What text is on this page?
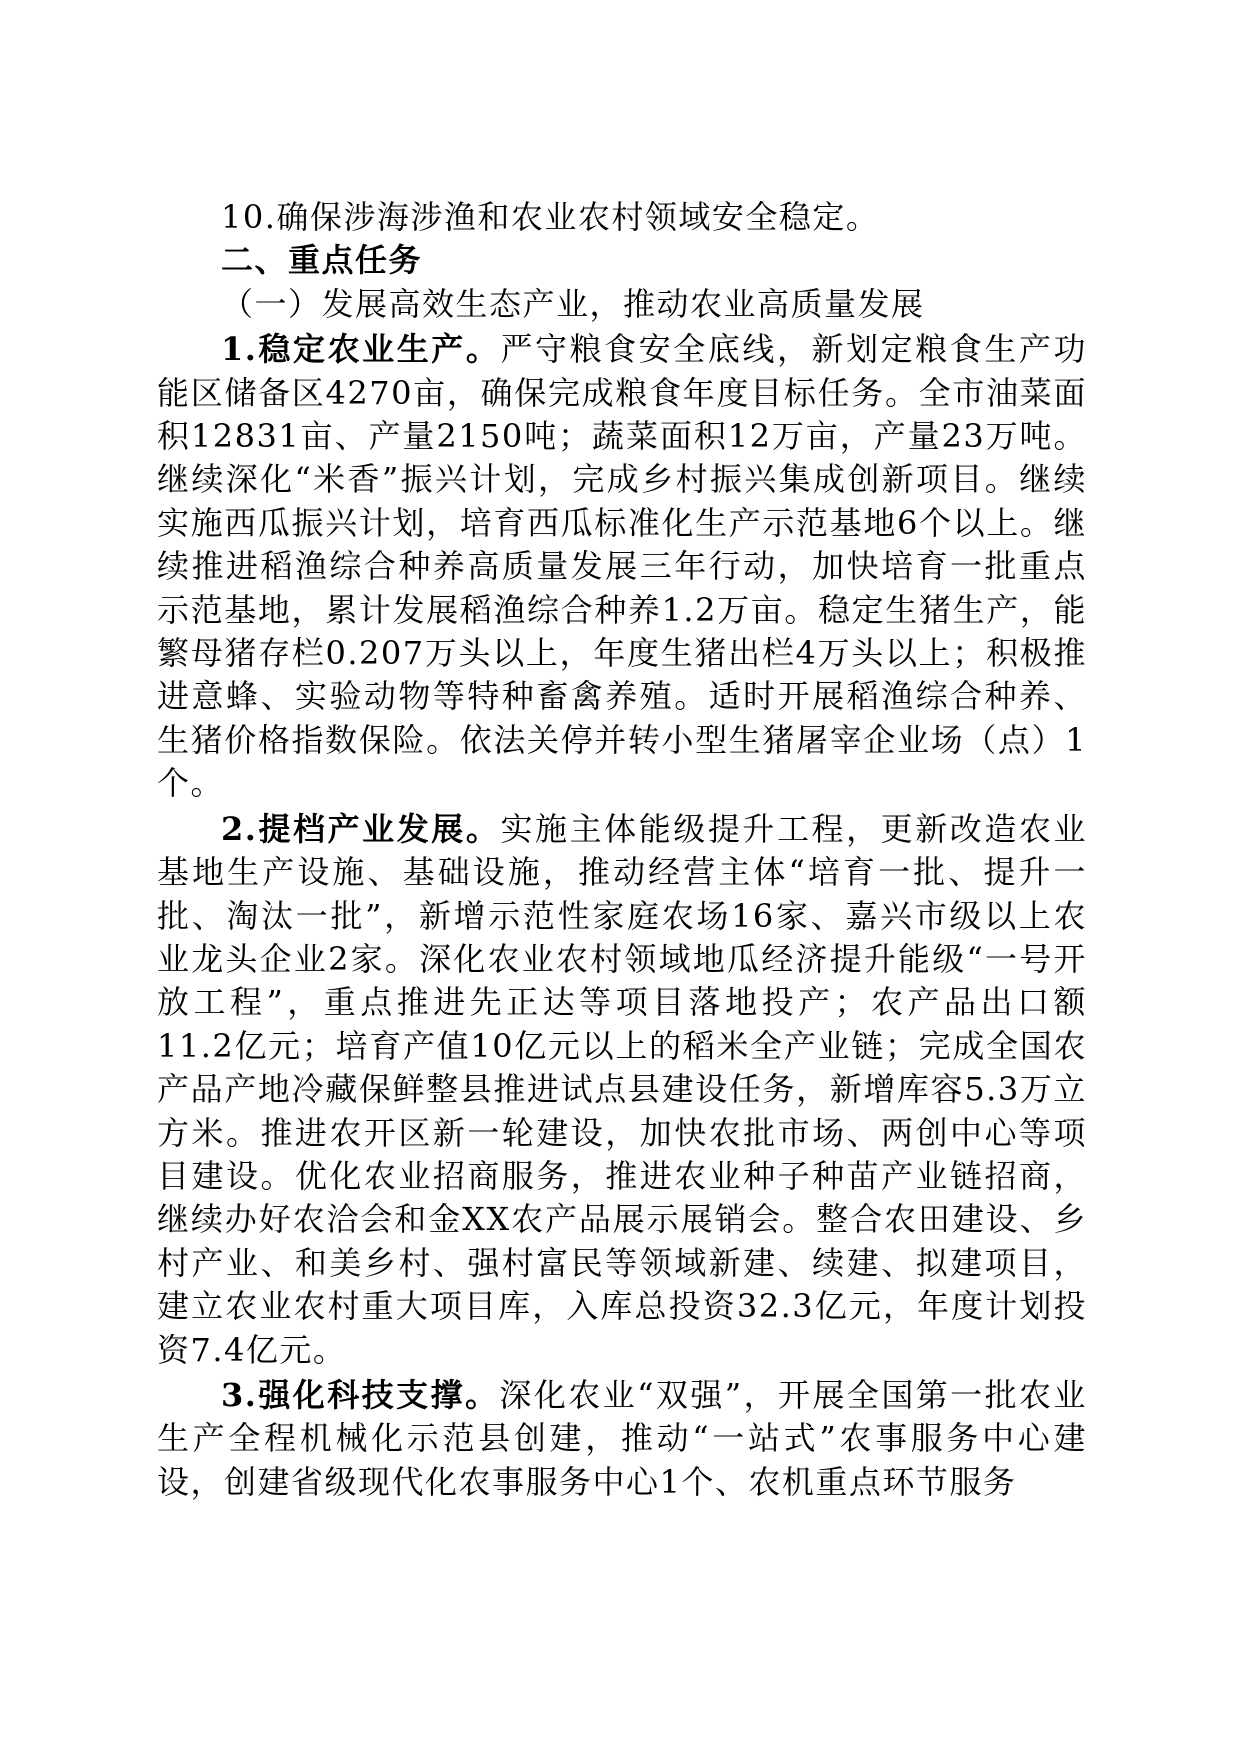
10.确保涉海涉渔和农业农村领域安全稳定。

二、重点任务

（一）发展高效生态产业，推动农业高质量发展

1.稳定农业生产。严守粮食安全底线，新划定粮食生产功能区储备区4270亩，确保完成粮食年度目标任务。全市油菜面积12831亩、产量2150吨；蔬菜面积12万亩，产量23万吨。继续深化“米香”振兴计划，完成乡村振兴集成创新项目。继续实施西瓜振兴计划，培育西瓜标准化生产示范基地6个以上。继续推进稻渔综合种养高质量发展三年行动，加快培育一批重点示范基地，累计发展稻渔综合种养1.2万亩。稳定生猪生产，能繁母猪存栏0.207万头以上，年度生猪出栏4万头以上；积极推进意蜂、实验动物等特种畜禽养殖。适时开展稻渔综合种养、生猪价格指数保险。依法关停并转小型生猪屠宰企业场（点）1个。

2.提档产业发展。实施主体能级提升工程，更新改造农业基地生产设施、基础设施，推动经营主体“培育一批、提升一批、淘汰一批”，新增示范性家庭农场16家、嘉兴市级以上农业龙头企业2家。深化农业农村领域地瓜经济提升能级“一号开放工程”，重点推进先正达等项目落地投产；农产品出口额11.2亿元；培育产值10亿元以上的稻米全产业链；完成全国农产品产地冷藏保鲜整县推进试点县建设任务，新增库容5.3万立方米。推进农开区新一轮建设，加快农批市场、两创中心等项目建设。优化农业招商服务，推进农业种子种苗产业链招商，继续办好农洽会和金XX农产品展示展销会。整合农田建设、乡村产业、和美乡村、强村富民等领域新建、续建、拟建项目，建立农业农村重大项目库，入库总投资32.3亿元，年度计划投资7.4亿元。

3.强化科技支撑。深化农业“双强”，开展全国第一批农业生产全程机械化示范县创建，推动“一站式”农事服务中心建设，创建省级现代化农事服务中心1个、农机重点环节服务
